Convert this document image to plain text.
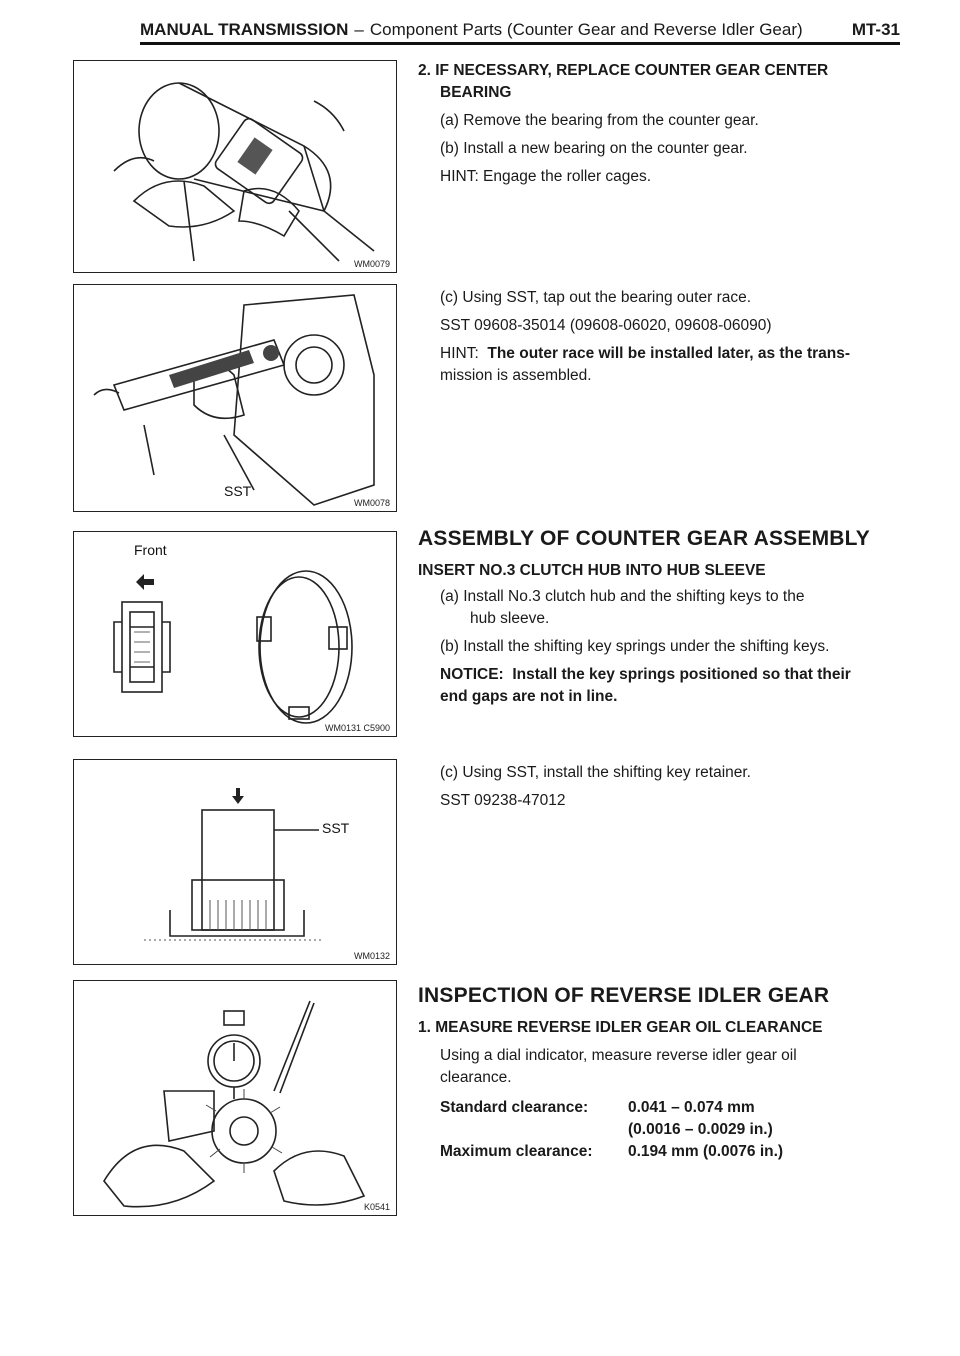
MANUAL TRANSMISSION – Component Parts (Counter Gear and Reverse Idler Gear)	MT-31
WM0079
SST
WM0078
Front
WM0131 C5900
SST
WM0132
K0541

2. IF NECESSARY, REPLACE COUNTER GEAR CENTER

BEARING

(a) Remove the bearing from the counter gear.

(b) Install a new bearing on the counter gear.

HINT: Engage the roller cages.

(c) Using SST, tap out the bearing outer race.

SST 09608-35014 (09608-06020, 09608-06090)

HINT: The outer race will be installed later, as the trans-

mission is assembled.

ASSEMBLY OF COUNTER GEAR ASSEMBLY

INSERT NO.3 CLUTCH HUB INTO HUB SLEEVE

(a) Install No.3 clutch hub and the shifting keys to the

hub sleeve.

(b) Install the shifting key springs under the shifting keys.

NOTICE: Install the key springs positioned so that their

end gaps are not in line.

(c) Using SST, install the shifting key retainer.

SST 09238-47012

INSPECTION OF REVERSE IDLER GEAR

1. MEASURE REVERSE IDLER GEAR OIL CLEARANCE

Using a dial indicator, measure reverse idler gear oil

clearance.

Standard clearance:	0.041 – 0.074 mm
(0.0016 – 0.0029 in.)
Maximum clearance:	0.194 mm (0.0076 in.)
